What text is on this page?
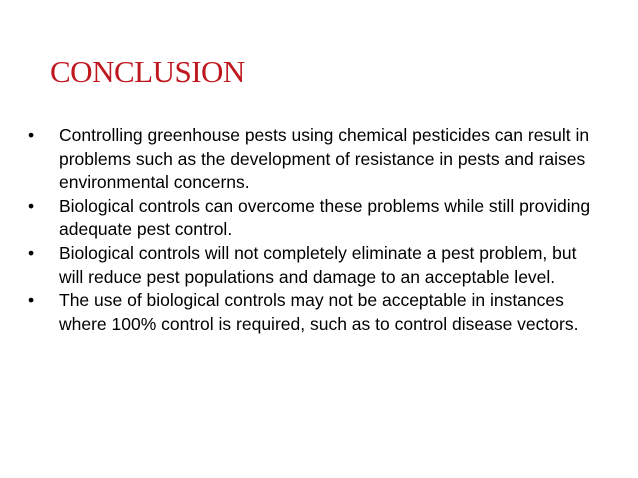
CONCLUSION
•	Controlling greenhouse pests using chemical pesticides can result in problems such as the development of resistance in pests and raises environmental concerns.
•	Biological controls can overcome these problems while still providing adequate pest control.
•	Biological controls will not completely eliminate a pest problem, but will reduce pest populations and damage to an acceptable level.
•	The use of biological controls may not be acceptable in instances where 100% control is required, such as to control disease vectors.
